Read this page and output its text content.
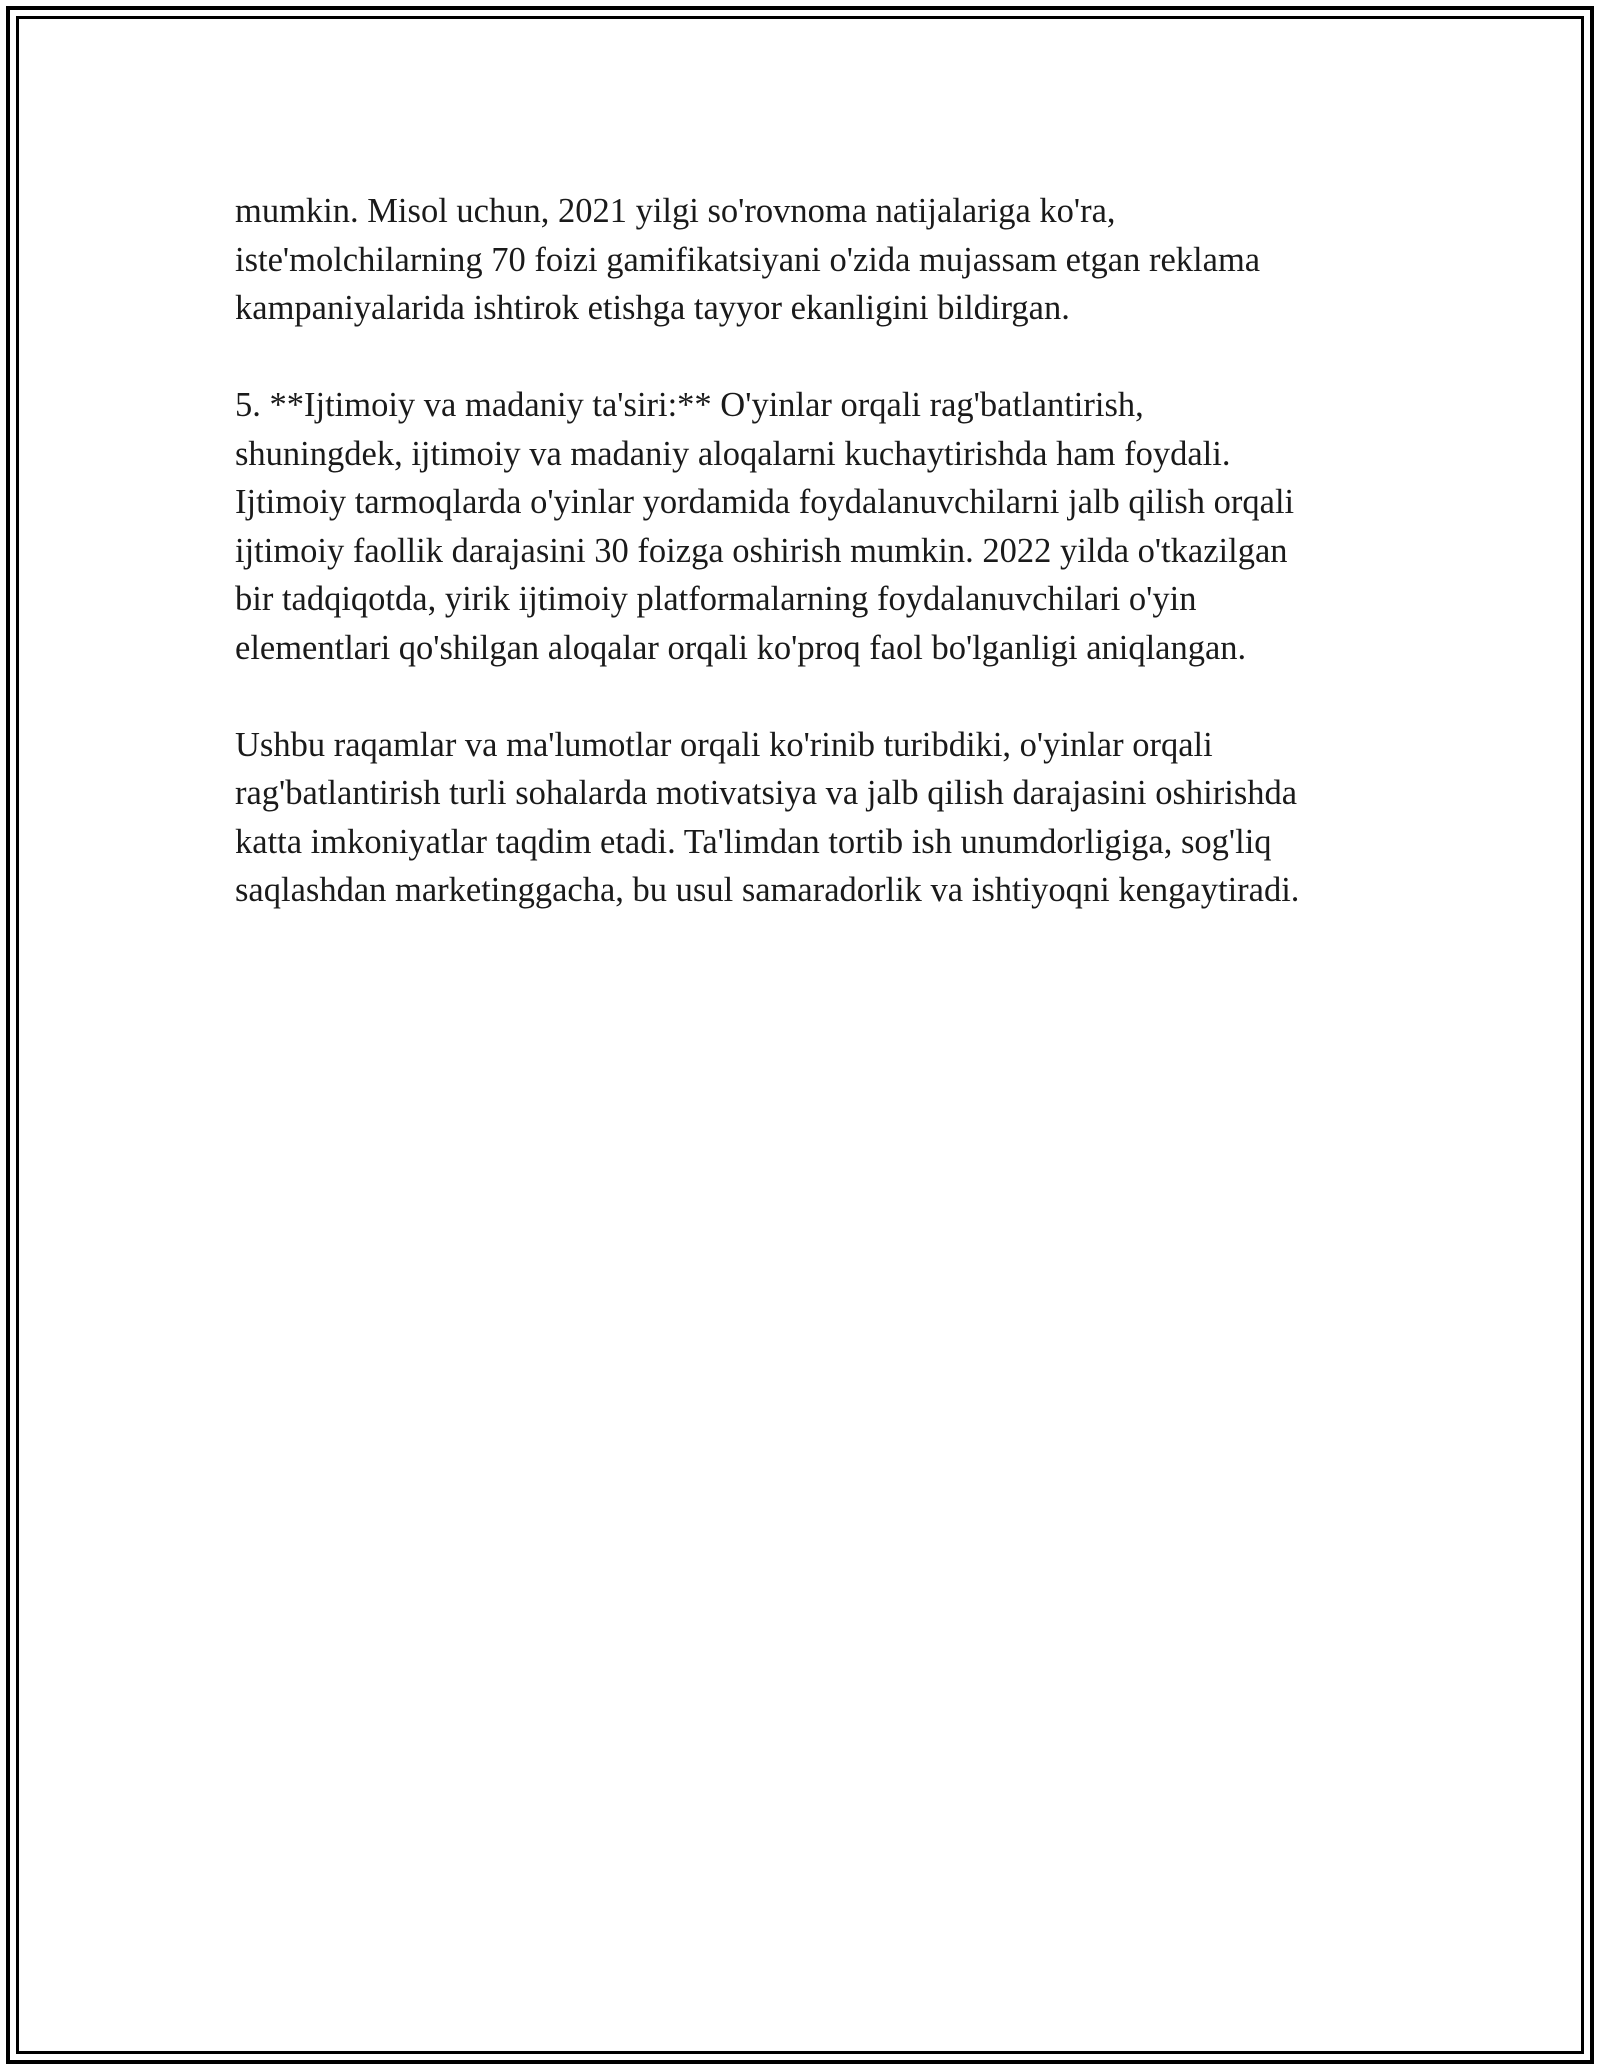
mumkin. Misol uchun, 2021 yilgi so'rovnoma natijalariga ko'ra,
iste'molchilarning 70 foizi gamifikatsiyani o'zida mujassam etgan reklama
kampaniyalarida ishtirok etishga tayyor ekanligini bildirgan.

5. **Ijtimoiy va madaniy ta'siri:** O'yinlar orqali rag'batlantirish,
shuningdek, ijtimoiy va madaniy aloqalarni kuchaytirishda ham foydali.
Ijtimoiy tarmoqlarda o'yinlar yordamida foydalanuvchilarni jalb qilish orqali
ijtimoiy faollik darajasini 30 foizga oshirish mumkin. 2022 yilda o'tkazilgan
bir tadqiqotda, yirik ijtimoiy platformalarning foydalanuvchilari o'yin
elementlari qo'shilgan aloqalar orqali ko'proq faol bo'lganligi aniqlangan.

Ushbu raqamlar va ma'lumotlar orqali ko'rinib turibdiki, o'yinlar orqali
rag'batlantirish turli sohalarda motivatsiya va jalb qilish darajasini oshirishda
katta imkoniyatlar taqdim etadi. Ta'limdan tortib ish unumdorligiga, sog'liq
saqlashdan marketinggacha, bu usul samaradorlik va ishtiyoqni kengaytiradi.
